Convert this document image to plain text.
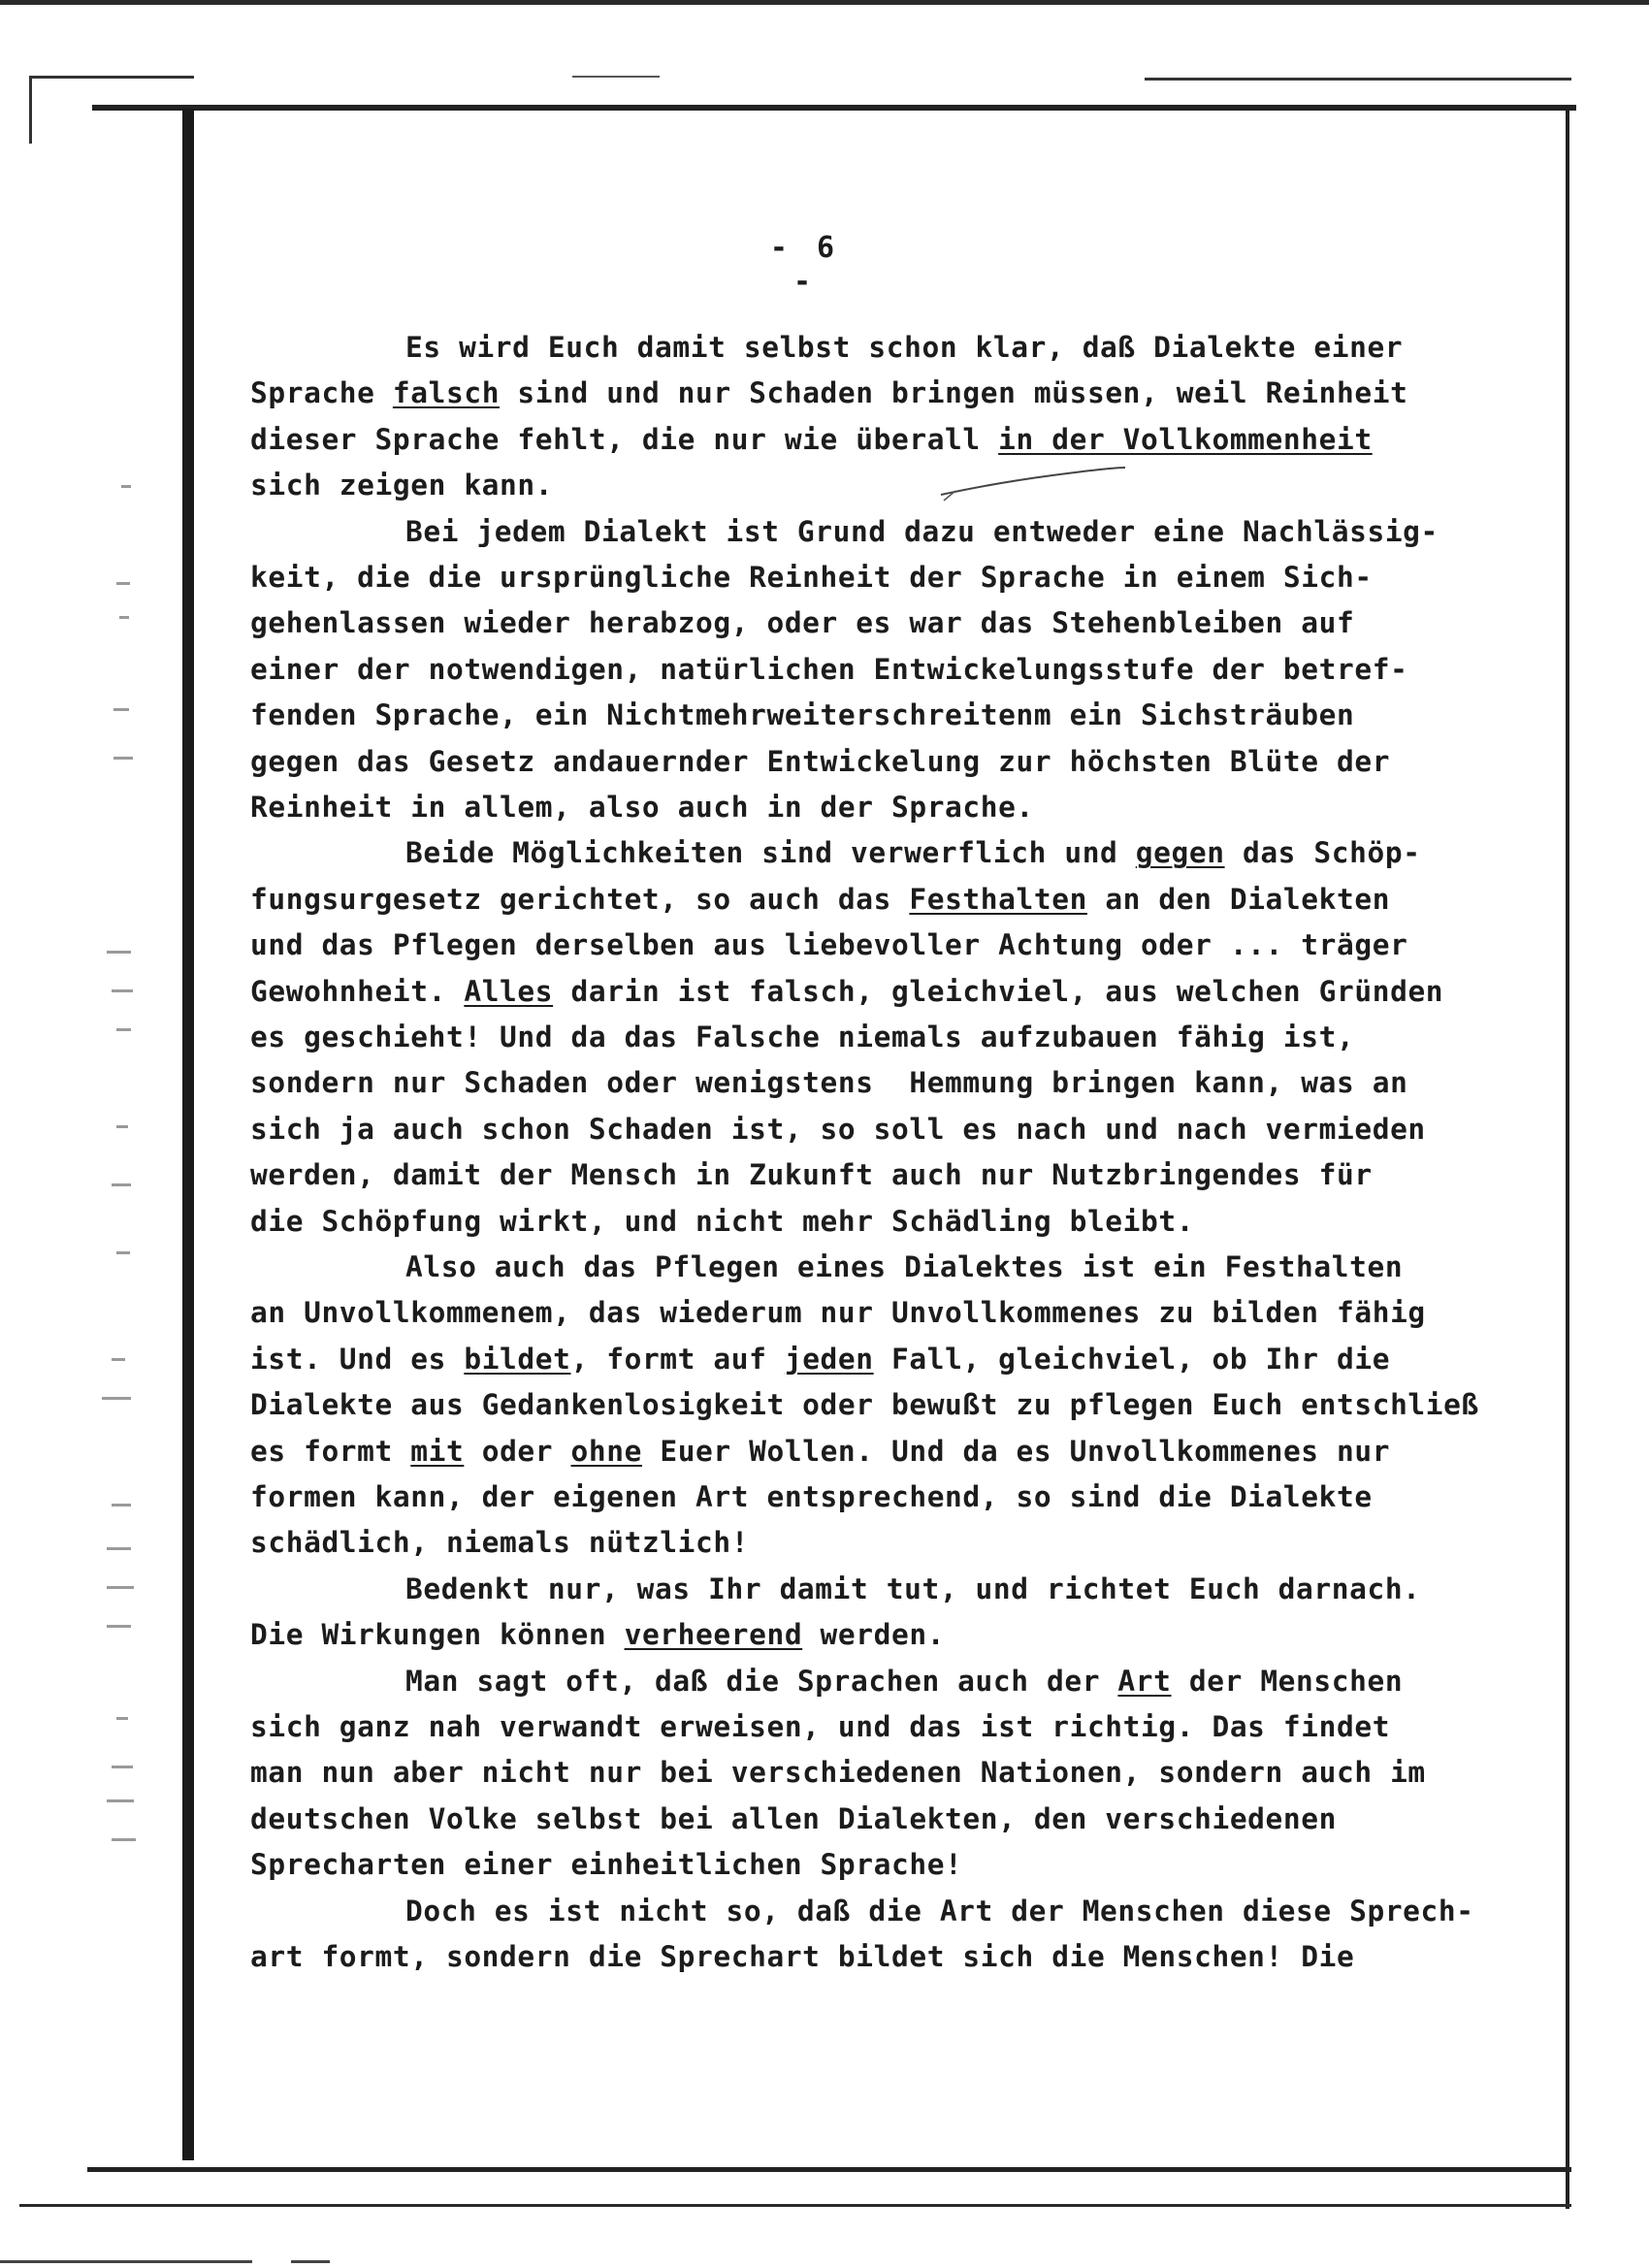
- 6 -
Es wird Euch damit selbst schon klar, daß Dialekte einer
Sprache falsch sind und nur Schaden bringen müssen, weil Reinheit
dieser Sprache fehlt, die nur wie überall in der Vollkommenheit
sich zeigen kann.
Bei jedem Dialekt ist Grund dazu entweder eine Nachlässig-
keit, die die ursprüngliche Reinheit der Sprache in einem Sich-
gehenlassen wieder herabzog, oder es war das Stehenbleiben auf
einer der notwendigen, natürlichen Entwickelungsstufe der betref-
fenden Sprache, ein Nichtmehrweiterschreitenm ein Sichsträuben
gegen das Gesetz andauernder Entwickelung zur höchsten Blüte der
Reinheit in allem, also auch in der Sprache.
Beide Möglichkeiten sind verwerflich und gegen das Schöp-
fungsurgesetz gerichtet, so auch das Festhalten an den Dialekten
und das Pflegen derselben aus liebevoller Achtung oder ... träger
Gewohnheit. Alles darin ist falsch, gleichviel, aus welchen Gründen
es geschieht! Und da das Falsche niemals aufzubauen fähig ist,
sondern nur Schaden oder wenigstens  Hemmung bringen kann, was an
sich ja auch schon Schaden ist, so soll es nach und nach vermieden
werden, damit der Mensch in Zukunft auch nur Nutzbringendes für
die Schöpfung wirkt, und nicht mehr Schädling bleibt.
Also auch das Pflegen eines Dialektes ist ein Festhalten
an Unvollkommenem, das wiederum nur Unvollkommenes zu bilden fähig
ist. Und es bildet, formt auf jeden Fall, gleichviel, ob Ihr die
Dialekte aus Gedankenlosigkeit oder bewußt zu pflegen Euch entschließ
es formt mit oder ohne Euer Wollen. Und da es Unvollkommenes nur
formen kann, der eigenen Art entsprechend, so sind die Dialekte
schädlich, niemals nützlich!
Bedenkt nur, was Ihr damit tut, und richtet Euch darnach.
Die Wirkungen können verheerend werden.
Man sagt oft, daß die Sprachen auch der Art der Menschen
sich ganz nah verwandt erweisen, und das ist richtig. Das findet
man nun aber nicht nur bei verschiedenen Nationen, sondern auch im
deutschen Volke selbst bei allen Dialekten, den verschiedenen
Sprecharten einer einheitlichen Sprache!
Doch es ist nicht so, daß die Art der Menschen diese Sprech-
art formt, sondern die Sprechart bildet sich die Menschen! Die
